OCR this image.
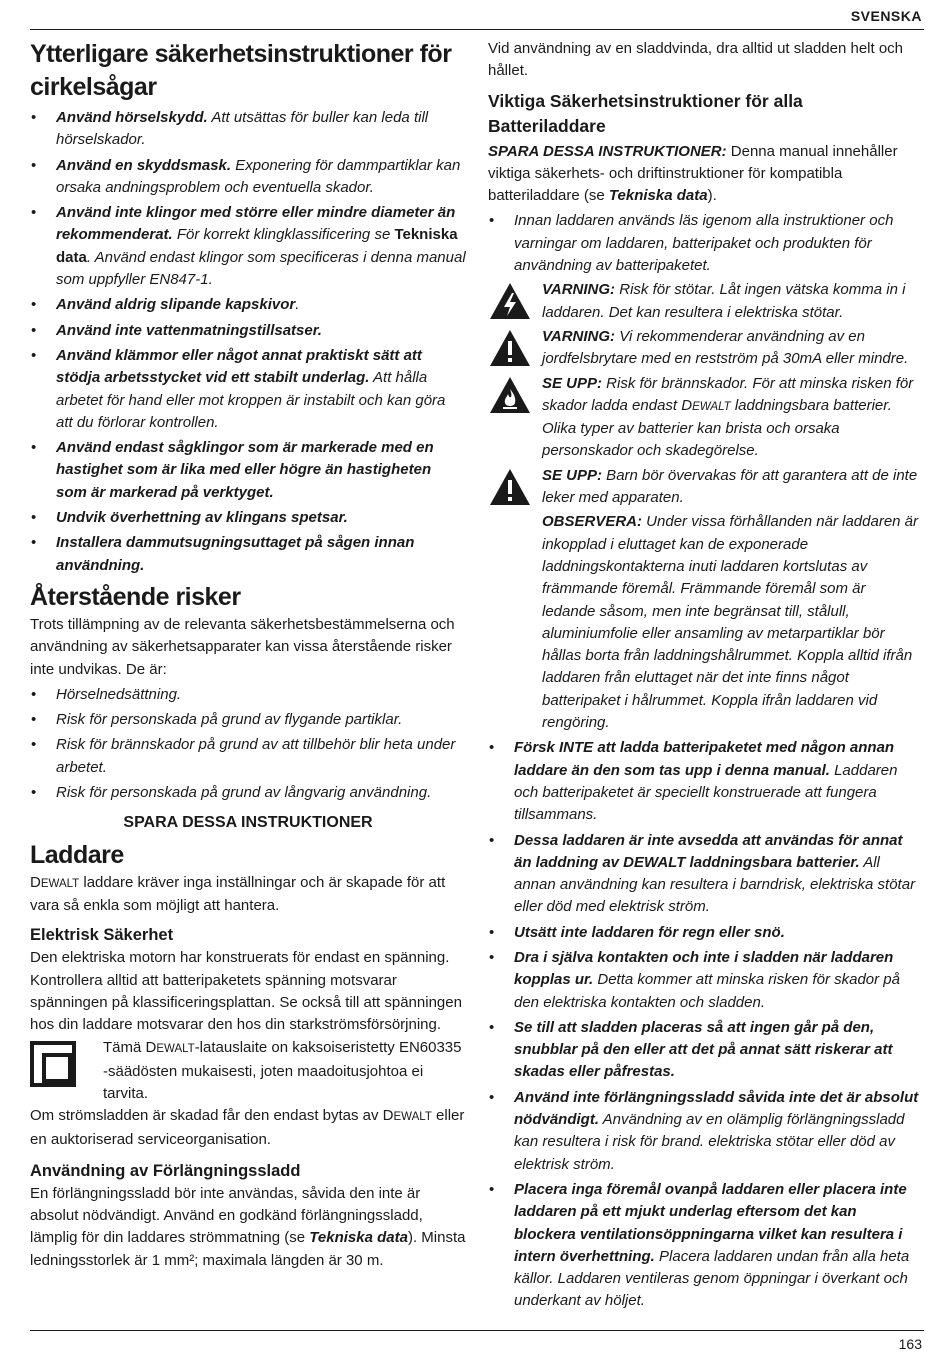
SVENSKA
Ytterligare säkerhetsinstruktioner för
cirkelsågar
• Använd hörselskydd. Att utsättas för buller kan leda till hörselskador.
• Använd en skyddsmask. Exponering för dammpartiklar kan orsaka andningsproblem och eventuella skador.
• Använd inte klingor med större eller mindre diameter än rekommenderat. För korrekt klingklassificering se Tekniska data. Använd endast klingor som specificeras i denna manual som uppfyller EN847-1.
• Använd aldrig slipande kapskivor.
• Använd inte vattenmatningstillsatser.
• Använd klämmor eller något annat praktiskt sätt att stödja arbetsstycket vid ett stabilt underlag. Att hålla arbetet för hand eller mot kroppen är instabilt och kan göra att du förlorar kontrollen.
• Använd endast sågklingor som är markerade med en hastighet som är lika med eller högre än hastigheten som är markerad på verktyget.
• Undvik överhettning av klingans spetsar.
• Installera dammutsugningsuttaget på sågen innan användning.
Återstående risker

Trots tillämpning av de relevanta säkerhetsbestämmelserna och användning av säkerhetsapparater kan vissa återstående risker inte undvikas. De är:

• Hörselnedsättning.
• Risk för personskada på grund av flygande partiklar.
• Risk för brännskador på grund av att tillbehör blir heta under arbetet.
• Risk för personskada på grund av långvarig användning.
SPARA DESSA INSTRUKTIONER
Laddare

DEWALT laddare kräver inga inställningar och är skapade för att vara så enkla som möjligt att hantera.

Elektrisk Säkerhet

Den elektriska motorn har konstruerats för endast en spänning. Kontrollera alltid att batteripaketets spänning motsvarar spänningen på klassificeringsplattan. Se också till att spänningen hos din laddare motsvarar den hos din starkströmsförsörjning.

Tämä DEWALT-latauslaite on kaksoiseristetty EN60335 -säädösten mukaisesti, joten maadoitusjohtoa ei tarvita.

Om strömsladden är skadad får den endast bytas av DEWALT eller en auktoriserad serviceorganisation.

Användning av Förlängningssladd

En förlängningssladd bör inte användas, såvida den inte är absolut nödvändigt. Använd en godkänd förlängningssladd, lämplig för din laddares strömmatning (se Tekniska data). Minsta ledningsstorlek är 1 mm²; maximala längden är 30 m.

Vid användning av en sladdvinda, dra alltid ut sladden helt och hållet.

Viktiga Säkerhetsinstruktioner för alla
Batteriladdare

SPARA DESSA INSTRUKTIONER: Denna manual innehåller viktiga säkerhets- och driftinstruktioner för kompatibla batteriladdare (se Tekniska data).

• Innan laddaren används läs igenom alla instruktioner och varningar om laddaren, batteripaket och produkten för användning av batteripaketet.
VARNING: Risk för stötar. Låt ingen vätska komma in i laddaren. Det kan resultera i elektriska stötar.
VARNING: Vi rekommenderar användning av en jordfelsbrytare med en restström på 30mA eller mindre.
SE UPP: Risk för brännskador. För att minska risken för skador ladda endast DEWALT laddningsbara batterier. Olika typer av batterier kan brista och orsaka personskador och skadegörelse.
SE UPP: Barn bör övervakas för att garantera att de inte leker med apparaten.
OBSERVERA: Under vissa förhållanden när laddaren är inkopplad i eluttaget kan de exponerade laddningskontakterna inuti laddaren kortslutas av främmande föremål. Främmande föremål som är ledande såsom, men inte begränsat till, stålull, aluminiumfolie eller ansamling av metarpartiklar bör hållas borta från laddningshålrummet. Koppla alltid ifrån laddaren från eluttaget när det inte finns något batteripaket i hålrummet. Koppla ifrån laddaren vid rengöring.
• Försk INTE att ladda batteripaketet med någon annan laddare än den som tas upp i denna manual. Laddaren och batteripaketet är speciellt konstruerade att fungera tillsammans.
• Dessa laddaren är inte avsedda att användas för annat än laddning av DEWALT laddningsbara batterier. All annan användning kan resultera i barndrisk, elektriska stötar eller död med elektrisk ström.
• Utsätt inte laddaren för regn eller snö.
• Dra i själva kontakten och inte i sladden när laddaren kopplas ur. Detta kommer att minska risken för skador på den elektriska kontakten och sladden.
• Se till att sladden placeras så att ingen går på den, snubblar på den eller att det på annat sätt riskerar att skadas eller påfrestas.
• Använd inte förlängningssladd såvida inte det är absolut nödvändigt. Användning av en olämplig förlängningssladd kan resultera i risk för brand. elektriska stötar eller död av elektrisk ström.
• Placera inga föremål ovanpå laddaren eller placera inte laddaren på ett mjukt underlag eftersom det kan blockera ventilationsöppningarna vilket kan resultera i intern överhettning. Placera laddaren undan från alla heta källor. Laddaren ventileras genom öppningar i överkant och underkant av höljet.
163
